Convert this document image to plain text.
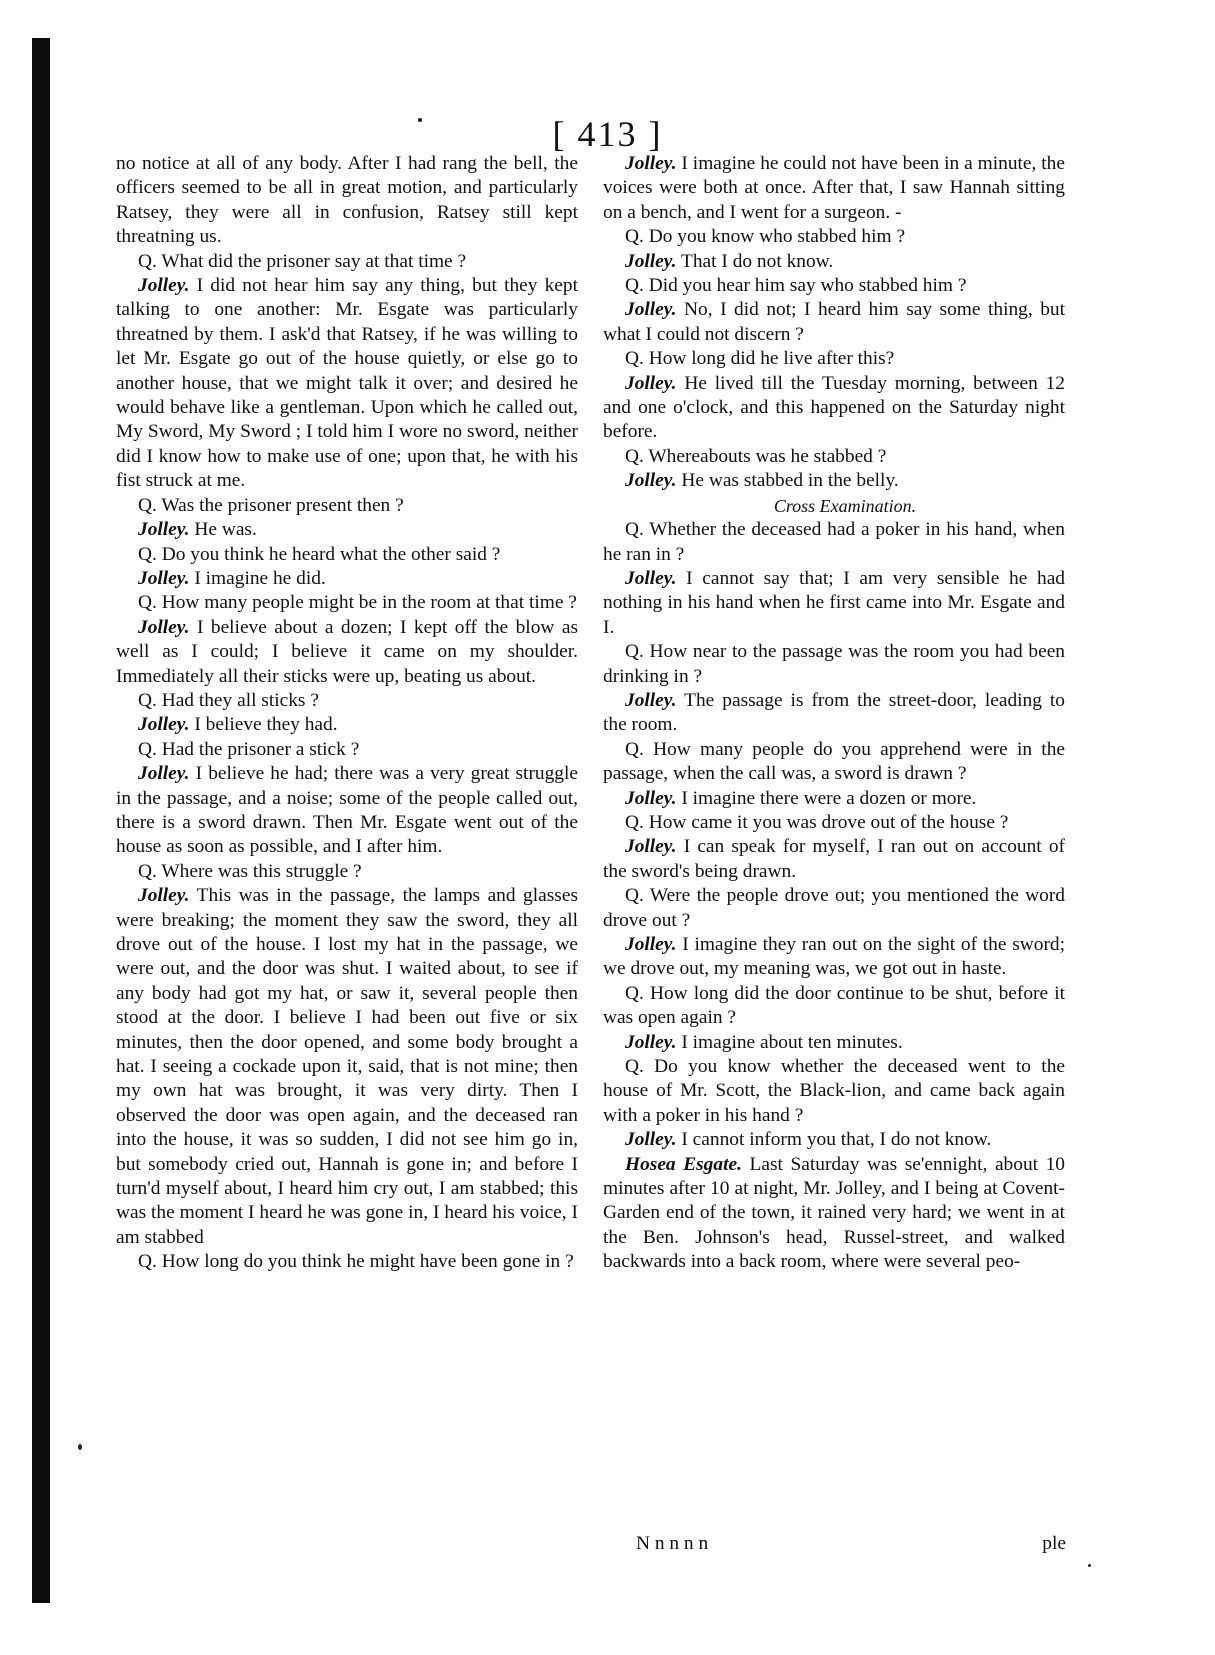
[ 413 ]

no notice at all of any body. After I had rang the bell, the officers seemed to be all in great motion, and particularly Ratsey, they were all in confusion, Ratsey still kept threatning us.

Q. What did the prisoner say at that time ?

Jolley. I did not hear him say any thing, but they kept talking to one another: Mr. Esgate was particularly threatned by them. I ask'd that Ratsey, if he was willing to let Mr. Esgate go out of the house quietly, or else go to another house, that we might talk it over; and desired he would behave like a gentleman. Upon which he called out, My Sword, My Sword ; I told him I wore no sword, neither did I know how to make use of one; upon that, he with his fist struck at me.

Q. Was the prisoner present then ?

Jolley. He was.

Q. Do you think he heard what the other said ?

Jolley. I imagine he did.

Q. How many people might be in the room at that time ?

Jolley. I believe about a dozen; I kept off the blow as well as I could; I believe it came on my shoulder. Immediately all their sticks were up, beating us about.

Q. Had they all sticks ?

Jolley. I believe they had.

Q. Had the prisoner a stick ?

Jolley. I believe he had; there was a very great struggle in the passage, and a noise; some of the people called out, there is a sword drawn. Then Mr. Esgate went out of the house as soon as possible, and I after him.

Q. Where was this struggle ?

Jolley. This was in the passage, the lamps and glasses were breaking; the moment they saw the sword, they all drove out of the house. I lost my hat in the passage, we were out, and the door was shut. I waited about, to see if any body had got my hat, or saw it, several people then stood at the door. I believe I had been out five or six minutes, then the door opened, and some body brought a hat. I seeing a cockade upon it, said, that is not mine; then my own hat was brought, it was very dirty. Then I observed the door was open again, and the deceased ran into the house, it was so sudden, I did not see him go in, but somebody cried out, Hannah is gone in; and before I turn'd myself about, I heard him cry out, I am stabbed; this was the moment I heard he was gone in, I heard his voice, I am stabbed

Q. How long do you think he might have been gone in ?

Jolley. I imagine he could not have been in a minute, the voices were both at once. After that, I saw Hannah sitting on a bench, and I went for a surgeon. -

Q. Do you know who stabbed him ?

Jolley. That I do not know.

Q. Did you hear him say who stabbed him ?

Jolley. No, I did not; I heard him say some thing, but what I could not discern ?

Q. How long did he live after this?

Jolley. He lived till the Tuesday morning, between 12 and one o'clock, and this happened on the Saturday night before.

Q. Whereabouts was he stabbed ?

Jolley. He was stabbed in the belly.

Cross Examination.

Q. Whether the deceased had a poker in his hand, when he ran in ?

Jolley. I cannot say that; I am very sensible he had nothing in his hand when he first came into Mr. Esgate and I.

Q. How near to the passage was the room you had been drinking in ?

Jolley. The passage is from the street-door, leading to the room.

Q. How many people do you apprehend were in the passage, when the call was, a sword is drawn ?

Jolley. I imagine there were a dozen or more.

Q. How came it you was drove out of the house ?

Jolley. I can speak for myself, I ran out on account of the sword's being drawn.

Q. Were the people drove out; you mentioned the word drove out ?

Jolley. I imagine they ran out on the sight of the sword; we drove out, my meaning was, we got out in haste.

Q. How long did the door continue to be shut, before it was open again ?

Jolley. I imagine about ten minutes.

Q. Do you know whether the deceased went to the house of Mr. Scott, the Black-lion, and came back again with a poker in his hand ?

Jolley. I cannot inform you that, I do not know.

Hosea Esgate. Last Saturday was se'ennight, about 10 minutes after 10 at night, Mr. Jolley, and I being at Covent-Garden end of the town, it rained very hard; we went in at the Ben. Johnson's head, Russel-street, and walked backwards into a back room, where were several peo-

N n n n n	ple
